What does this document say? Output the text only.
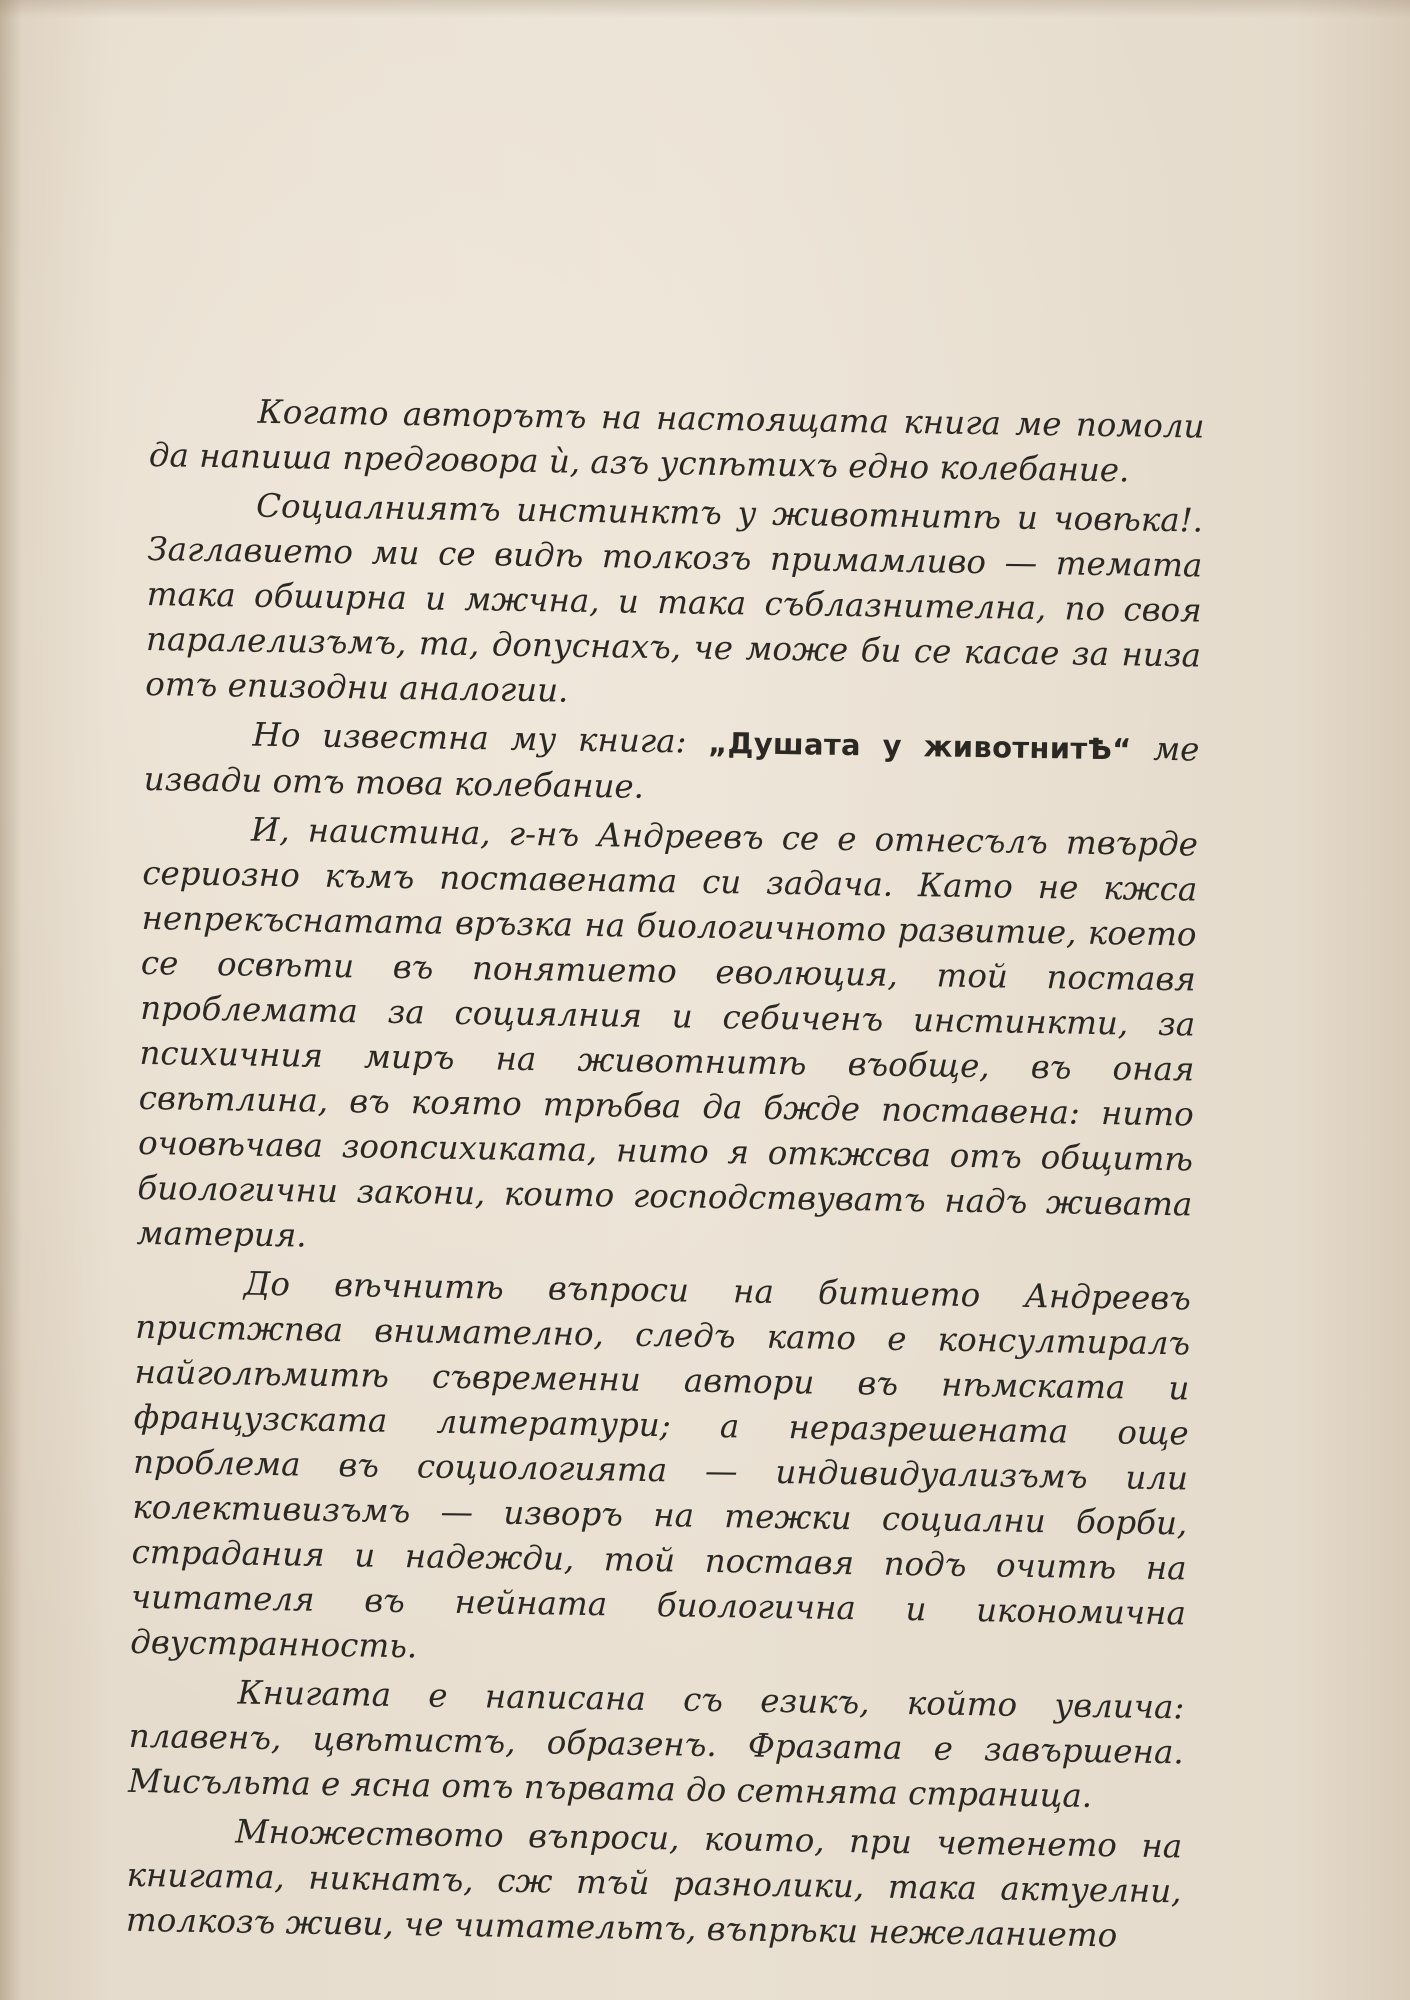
Когато авторътъ на настоящата книга ме помоли да напиша предговора ѝ, азъ успѣтихъ едно колебание.

Социалниятъ инстинктъ у животнитѣ и човѣка!. Заглавието ми се видѣ толкозъ примамливо — темата така обширна и мжчна, и така съблазнителна, по своя паралелизъмъ, та, допуснахъ, че може би се касае за низа отъ епизодни аналогии.

Но известна му книга: „Душата у животнитѢ“ ме извади отъ това колебание.

И, наистина, г-нъ Андреевъ се е отнесълъ твърде сериозно къмъ поставената си задача. Като не кжса непрекъснатата връзка на биологичното развитие, което се освѣти въ понятието еволюция, той поставя проблемата за социялния и себиченъ инстинкти, за психичния миръ на животнитѣ въобще, въ оная свѣтлина, въ която трѣбва да бжде поставена: нито очовѣчава зоопсихиката, нито я откжсва отъ общитѣ биологични закони, които господствуватъ надъ живата материя.

До вѣчнитѣ въпроси на битието Андреевъ пристжпва внимателно, следъ като е консултиралъ найголѣмитѣ съвременни автори въ нѣмската и французската литератури; а неразрешената още проблема въ социологията — индивидуализъмъ или колективизъмъ — изворъ на тежки социални борби, страдания и надежди, той поставя подъ очитѣ на читателя въ нейната биологична и икономична двустранность.

Книгата е написана съ езикъ, който увлича: плавенъ, цвѣтистъ, образенъ. Фразата е завършена. Мисъльта е ясна отъ първата до сетнята страница.

Множеството въпроси, които, при четенето на книгата, никнатъ, сж тъй разнолики, така актуелни, толкозъ живи, че читательтъ, въпрѣки нежеланието
